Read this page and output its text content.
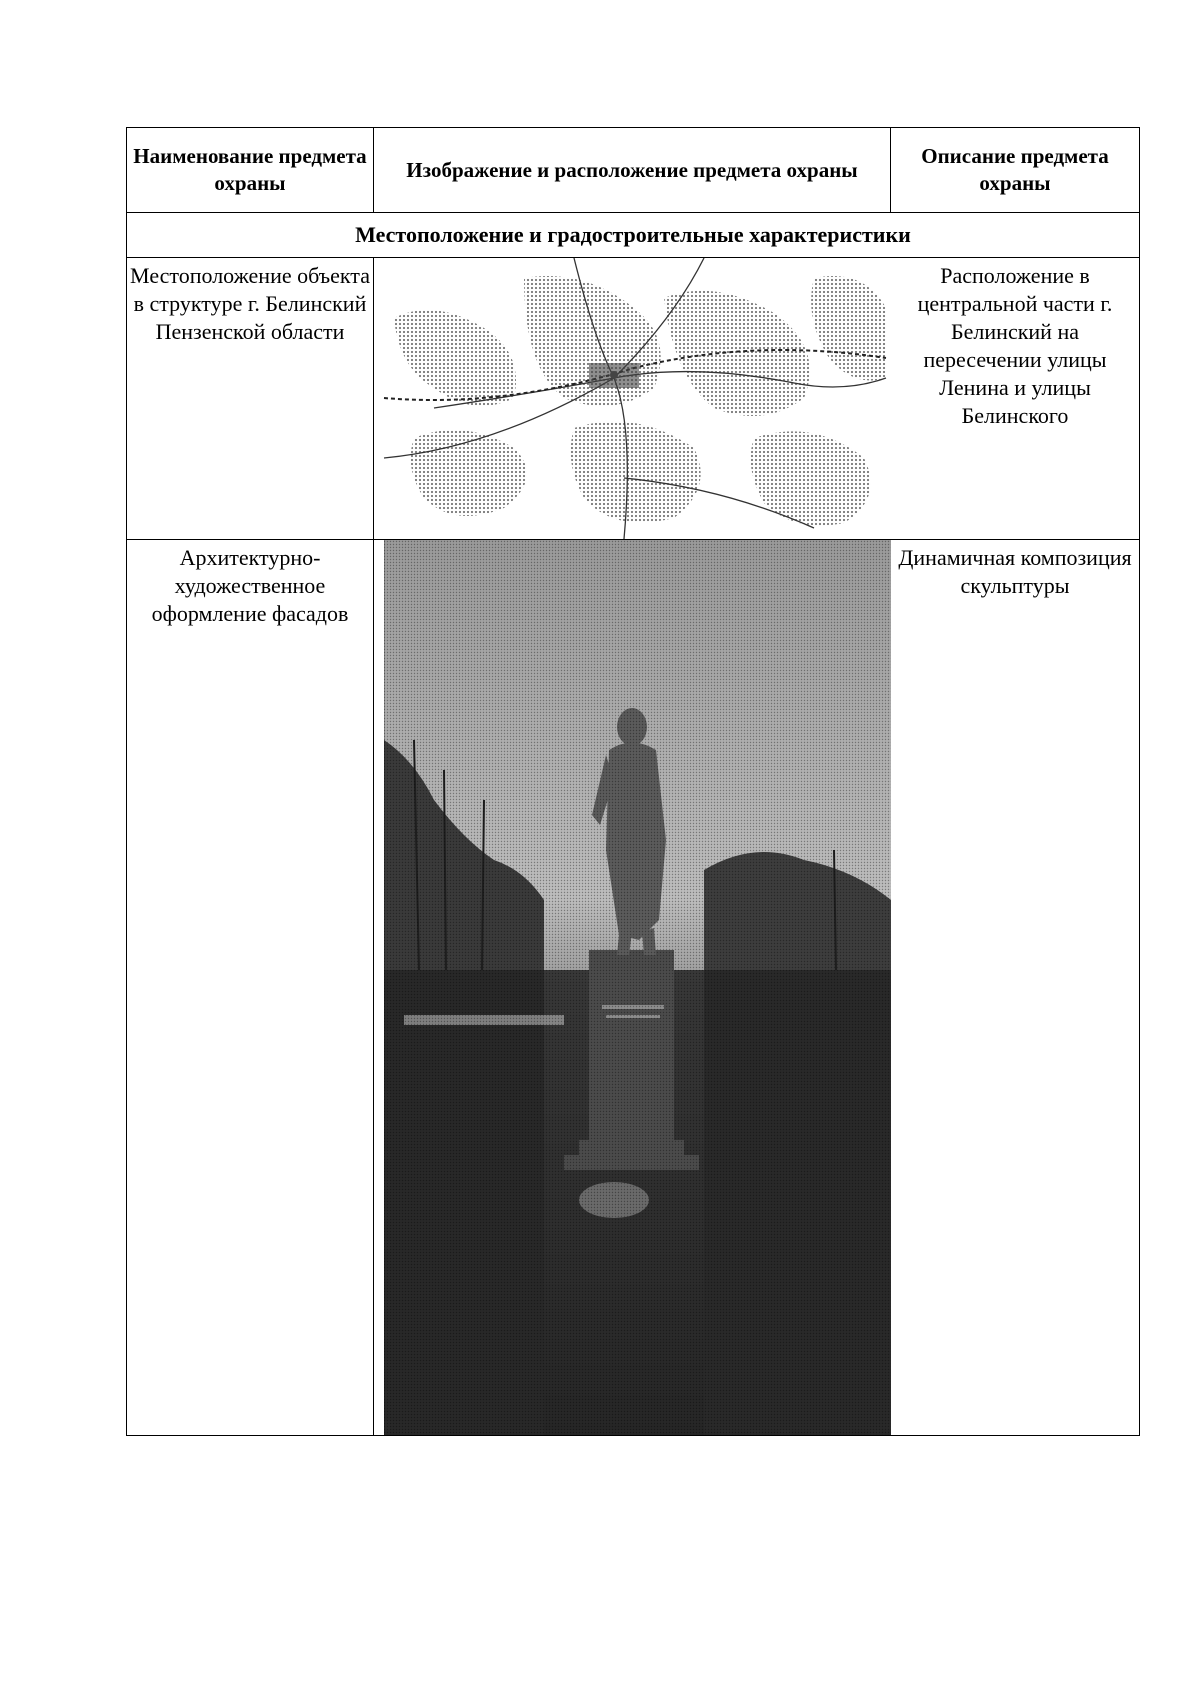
Наименование предмета охраны	Изображение и расположение предмета охраны	Описание предмета охраны
Местоположение и градостроительные характеристики		

Местоположение объекта в структуре г. Белинский Пензенской области		Расположение в центральной части г. Белинский на пересечении улицы Ленина и улицы Белинского

Архитектурно-художественное оформление фасадов		Динамичная композиция скульптуры
